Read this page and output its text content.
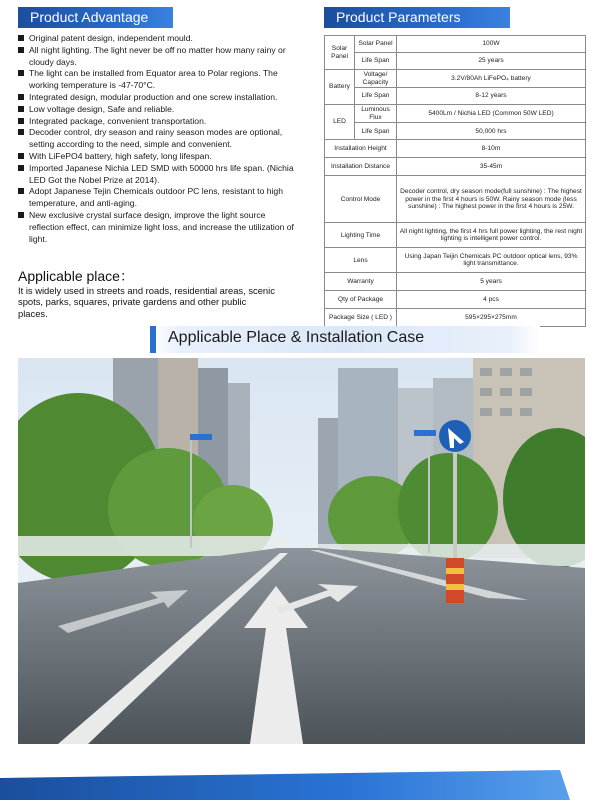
Product Advantage
Original patent design, independent mould.
All night lighting. The light never be off no matter how many rainy or cloudy days.
The light can be installed from Equator area to Polar regions. The working temperature is -47-70°C.
Integrated design, modular production and one screw installation.
Low voltage design, Safe and reliable.
Integrated package, convenient transportation.
Decoder control, dry season and rainy season modes are optional, setting according to the need, simple and convenient.
With LiFePO4 battery, high safety, long lifespan.
Imported Japanese Nichia LED SMD with 50000 hrs life span. (Nichia LED Got the Nobel Prize at 2014).
Adopt Japanese Tejin Chemicals outdoor PC lens, resistant to high temperature, and anti-aging.
New exclusive crystal surface design, improve the light source reflection effect, can minimize light loss, and increase the utilization of light.
Applicable place：
It is widely used in streets and roads, residential areas, scenic spots, parks, squares, private gardens and other public places.
Product Parameters
Solar Panel	Solar Panel	100W
	Life Span	25 years
Battery	Voltage/ Capacity	3.2V/80Ah LiFePO₄ battery
	Life Span	8-12 years
LED	Luminous Flux	5400Lm / Nichia LED (Common 50W LED)
	Life Span	50,000 hrs
Installation Height		8-10m
Installation Distance		35-45m
Control Mode		Decoder control, dry season mode(full sunshine) : The highest power in the first 4 hours is 50W. Rainy season mode (less sunshine) : The highest power in the first 4 hours is 25W.
Lighting Time		All night lighting, the first 4 hrs full power lighting, the rest night lighting is intelligent power control.
Lens		Using Japan Teijin Chemicals PC outdoor optical lens, 93% light transmittance.
Warranty		5 years
Qty of Package		4 pcs
Package Size ( LED )		595×295×275mm
Applicable Place & Installation Case
